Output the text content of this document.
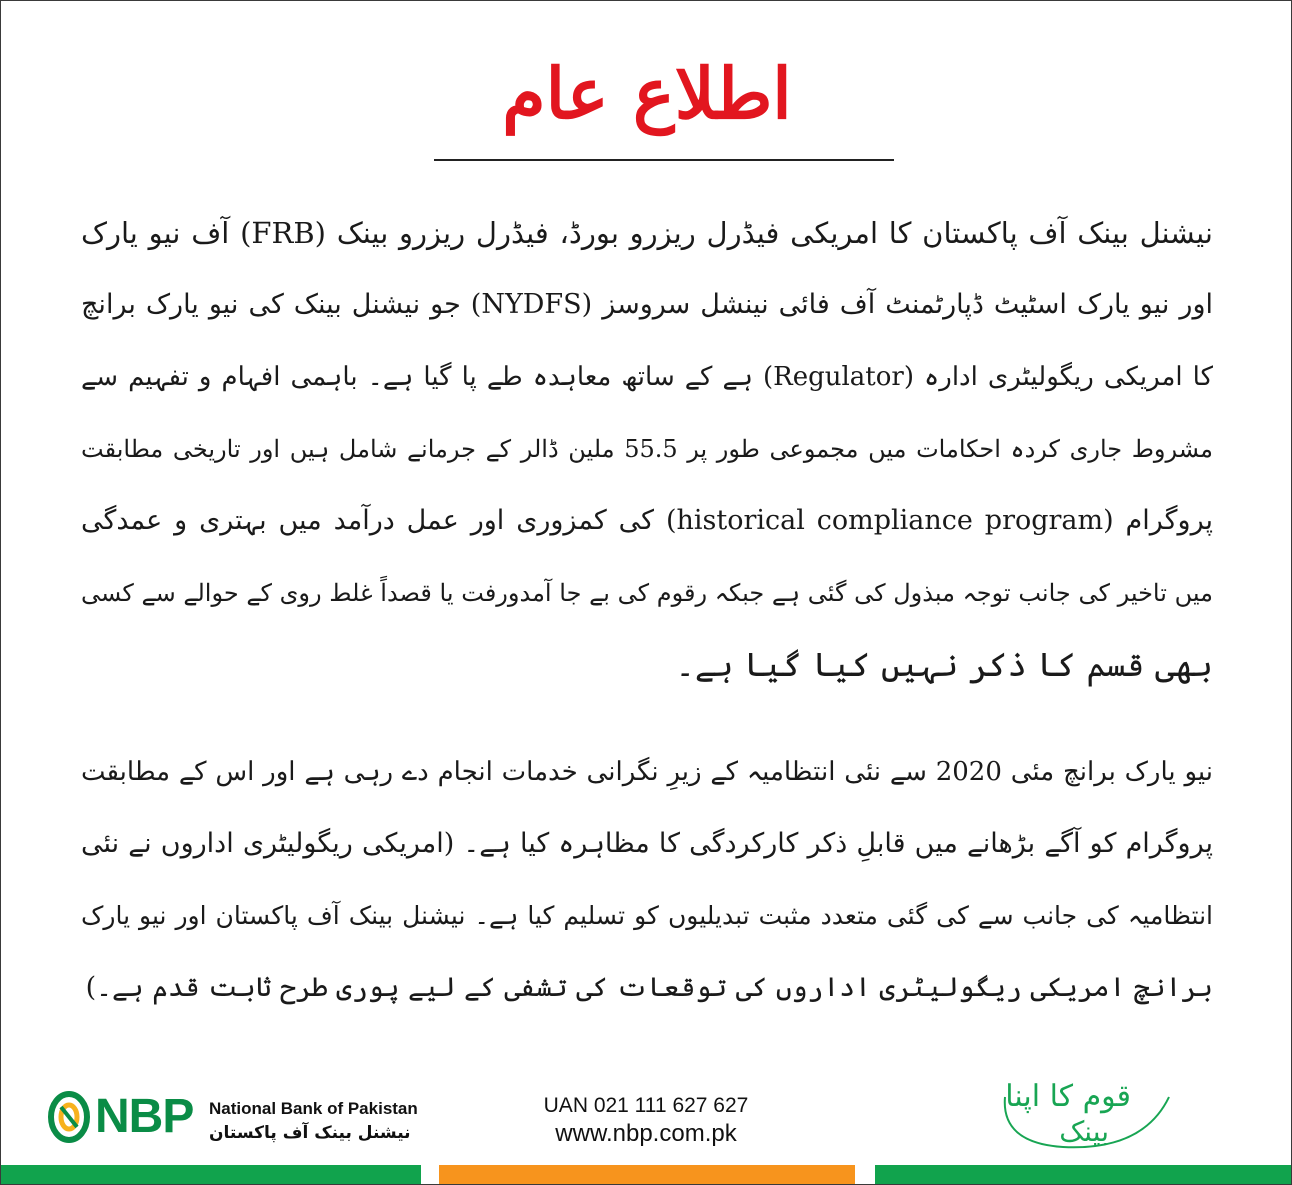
اطلاع عام
نیشنل بینک آف پاکستان کا امریکی فیڈرل ریزرو بورڈ، فیڈرل ریزرو بینک (FRB) آف نیو یارک
اور نیو یارک اسٹیٹ ڈپارٹمنٹ آف فائی نینشل سروسز (NYDFS) جو نیشنل بینک کی نیو یارک برانچ
کا امریکی ریگولیٹری ادارہ (Regulator) ہے کے ساتھ معاہدہ طے پا گیا ہے۔ باہمی افہام و تفہیم سے
مشروط جاری کردہ احکامات میں مجموعی طور پر 55.5 ملین ڈالر کے جرمانے شامل ہیں اور تاریخی مطابقت
پروگرام (historical compliance program) کی کمزوری اور عمل درآمد میں بہتری و عمدگی
میں تاخیر کی جانب توجہ مبذول کی گئی ہے جبکہ رقوم کی بے جا آمدورفت یا قصداً غلط روی کے حوالے سے کسی
بھی قسم کا ذکر نہیں کیا گیا ہے۔
نیو یارک برانچ مئی 2020 سے نئی انتظامیہ کے زیرِ نگرانی خدمات انجام دے رہی ہے اور اس کے مطابقت
پروگرام کو آگے بڑھانے میں قابلِ ذکر کارکردگی کا مظاہرہ کیا ہے۔ (امریکی ریگولیٹری اداروں نے نئی
انتظامیہ کی جانب سے کی گئی متعدد مثبت تبدیلیوں کو تسلیم کیا ہے۔ نیشنل بینک آف پاکستان اور نیو یارک
برانچ امریکی ریگولیٹری اداروں کی توقعات کی تشفی کے لیے پوری طرح ثابت قدم ہے۔)
NBP National Bank of Pakistan
نیشنل بینک آف پاکستان
UAN 021 111 627 627
www.nbp.com.pk
قوم کا اپنا
بینک
